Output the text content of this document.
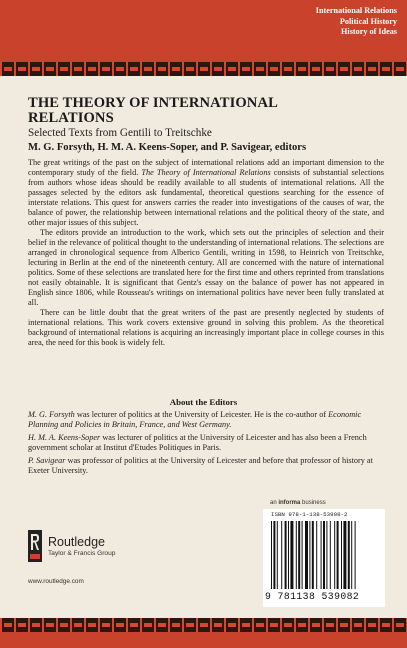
International Relations
Political History
History of Ideas
THE THEORY OF INTERNATIONAL
RELATIONS
Selected Texts from Gentili to Treitschke
M. G. Forsyth, H. M. A. Keens-Soper, and P. Savigear, editors

The great writings of the past on the subject of international relations add an important dimension to the contemporary study of the field. The Theory of International Relations consists of substantial selections from authors whose ideas should be readily available to all students of international relations. All the passages selected by the editors ask fundamental, theoretical questions searching for the essence of interstate relations. This quest for answers carries the reader into investigations of the causes of war, the balance of power, the relationship between international relations and the political theory of the state, and other major issues of this subject.

The editors provide an introduction to the work, which sets out the principles of selection and their belief in the relevance of political thought to the understanding of international relations. The selections are arranged in chronological sequence from Alberico Gentili, writing in 1598, to Heinrich von Treitschke, lecturing in Berlin at the end of the nineteenth century. All are concerned with the nature of international politics. Some of these selections are translated here for the first time and others reprinted from translations not easily obtainable. It is significant that Gentz's essay on the balance of power has not appeared in English since 1806, while Rousseau's writings on international politics have never been fully translated at all.

There can be little doubt that the great writers of the past are presently neglected by students of international relations. This work covers extensive ground in solving this problem. As the theoretical background of international relations is acquiring an increasingly important place in college courses in this area, the need for this book is widely felt.

About the Editors

M. G. Forsyth was lecturer of politics at the University of Leicester. He is the co-author of Economic Planning and Policies in Britain, France, and West Germany.

H. M. A. Keens-Soper was lecturer of politics at the University of Leicester and has also been a French government scholar at Institut d'Etudes Politiques in Paris.

P. Savigear was professor of politics at the University of Leicester and before that professor of history at Exeter University.

Routledge
Taylor & Francis Group
www.routledge.com
an informa business
ISBN 978-1-138-53908-2
9 781138 539082
